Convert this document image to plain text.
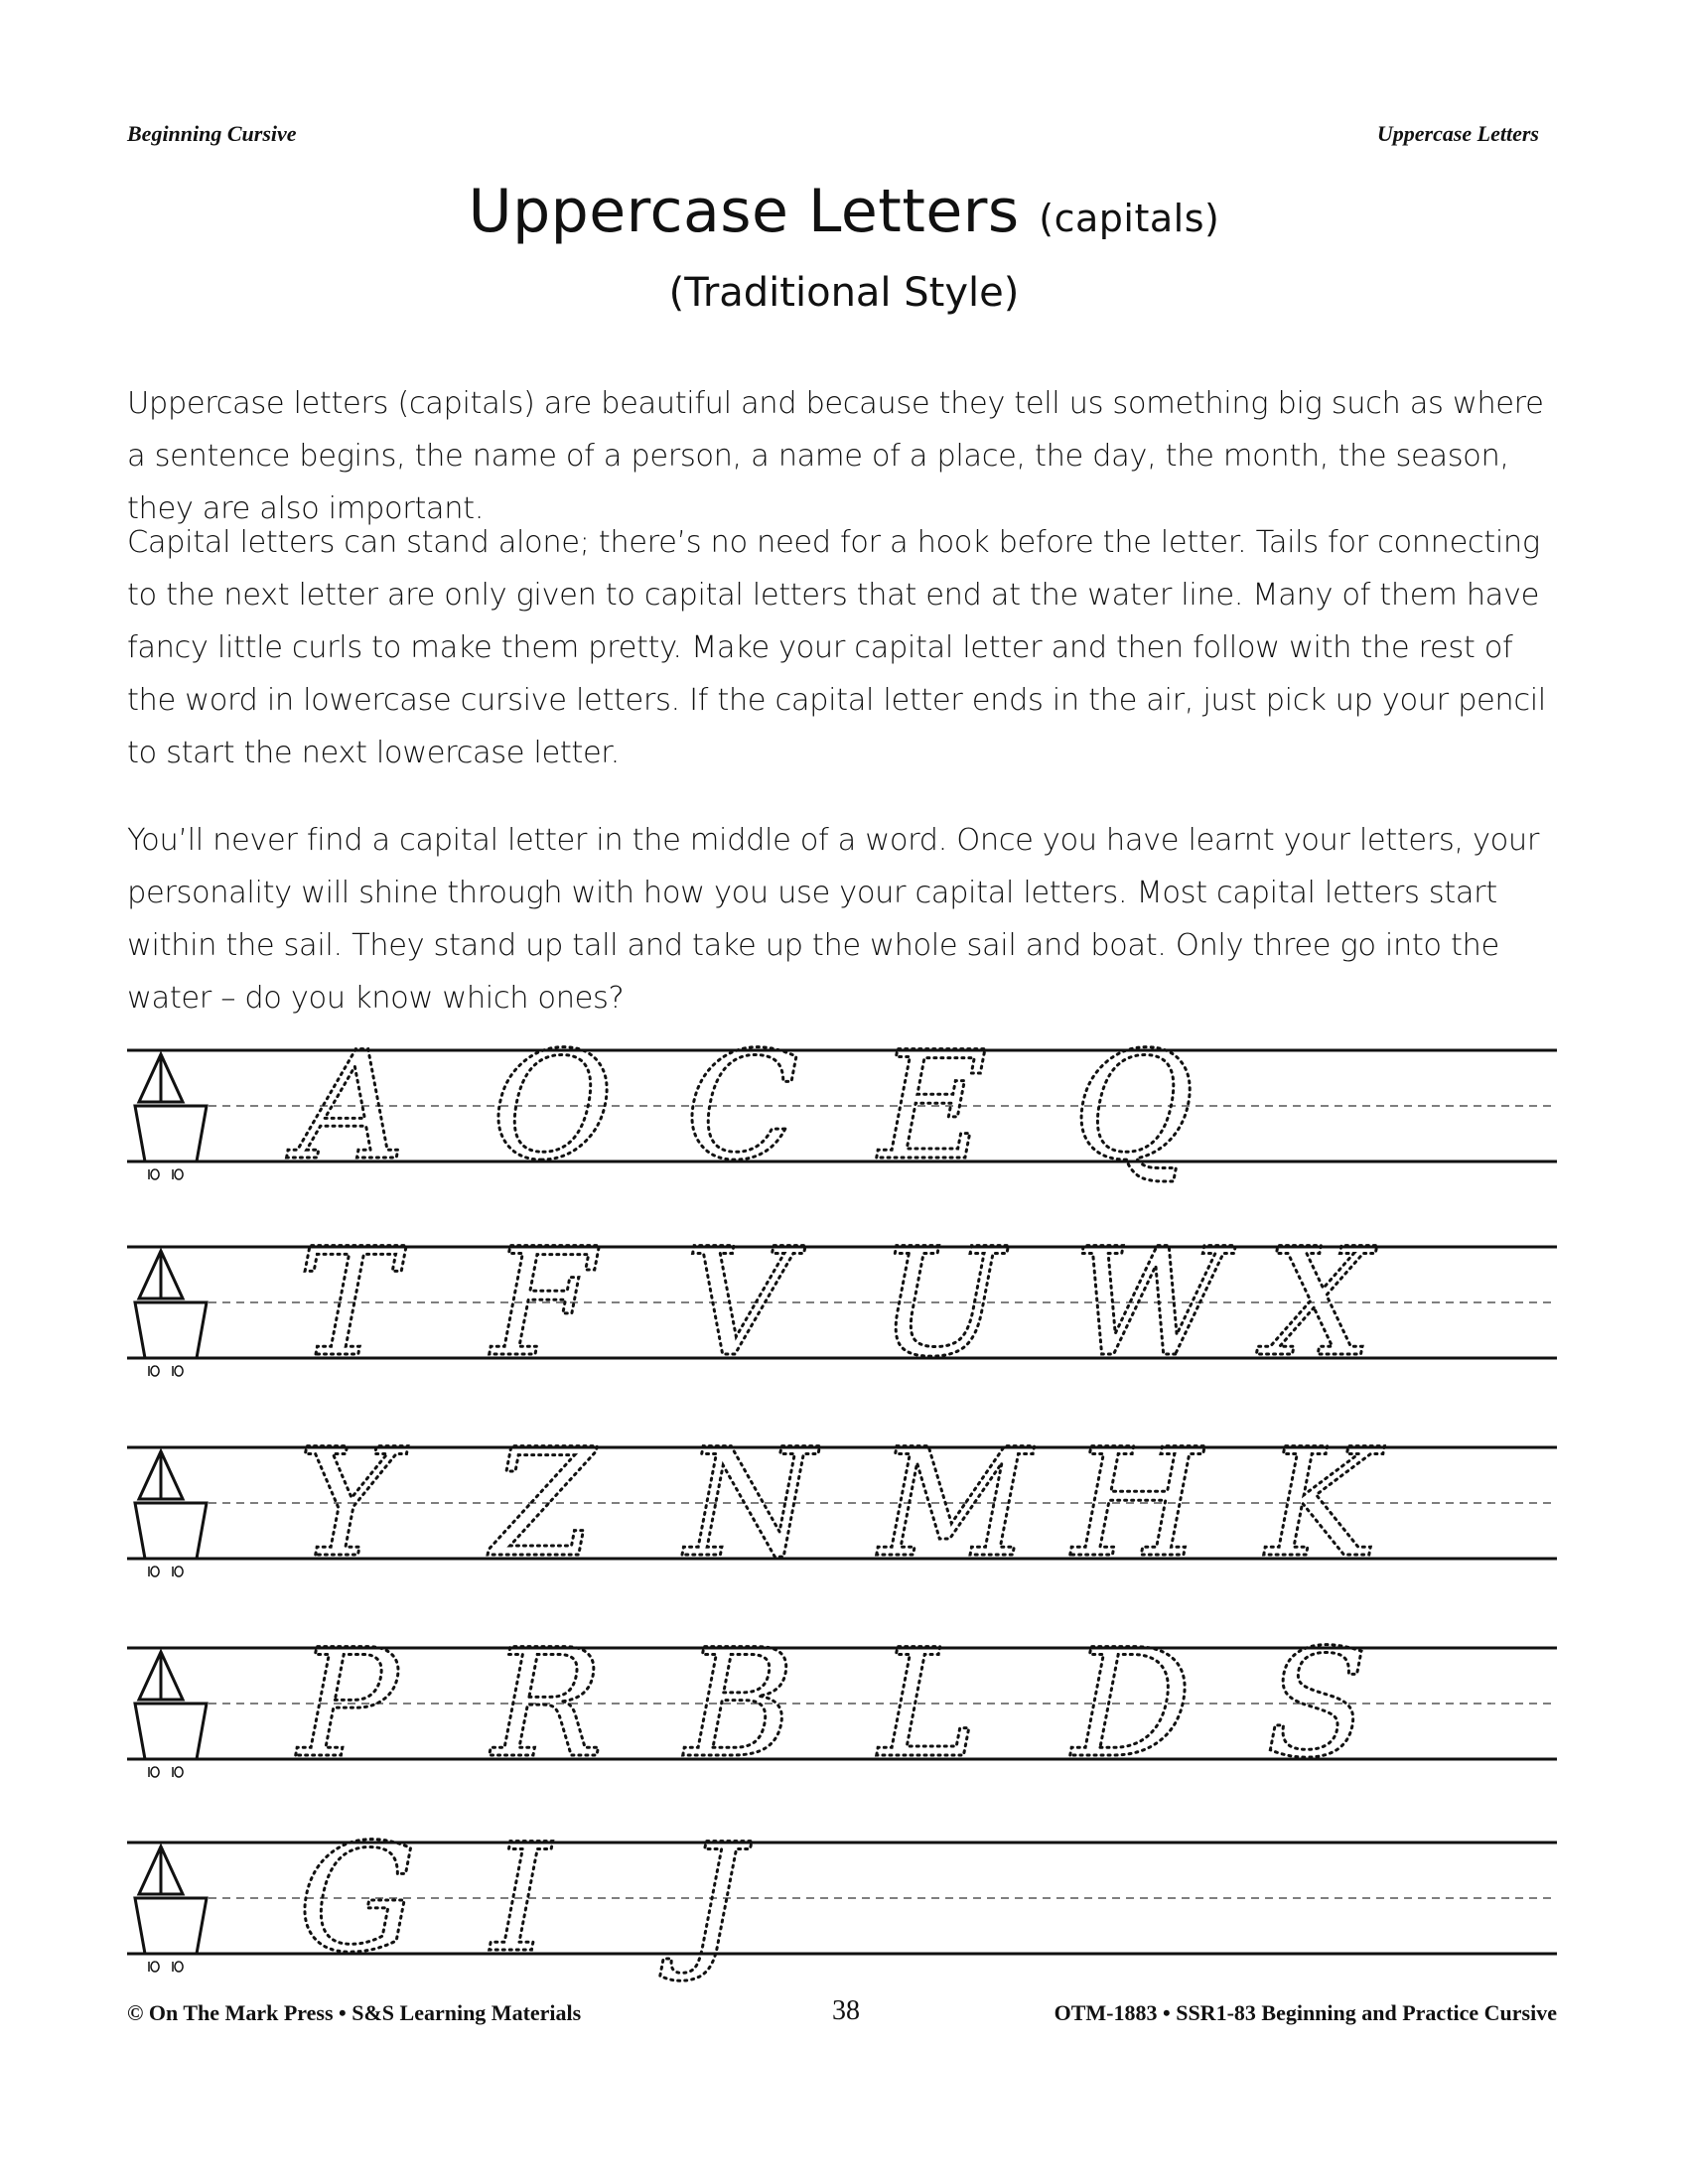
Beginning Cursive	Uppercase Letters
Uppercase Letters (capitals)
(Traditional Style)

Uppercase letters (capitals) are beautiful and because they tell us something big such as where a sentence begins, the name of a person, a name of a place, the day, the month, the season, they are also important.

Capital letters can stand alone; there’s no need for a hook before the letter. Tails for connecting to the next letter are only given to capital letters that end at the water line. Many of them have fancy little curls to make them pretty. Make your capital letter and then follow with the rest of the word in lowercase cursive letters. If the capital letter ends in the air, just pick up your pencil to start the next lowercase letter.

You’ll never find a capital letter in the middle of a word. Once you have learnt your letters, your personality will shine through with how you use your capital letters. Most capital letters start within the sail. They stand up tall and take up the whole sail and boat. Only three go into the water – do you know which ones?

A O C E Q
T F V U W X
Y Z N M H K
P R B L D S
G I J
© On The Mark Press • S&S Learning Materials	38	OTM-1883 • SSR1-83 Beginning and Practice Cursive
